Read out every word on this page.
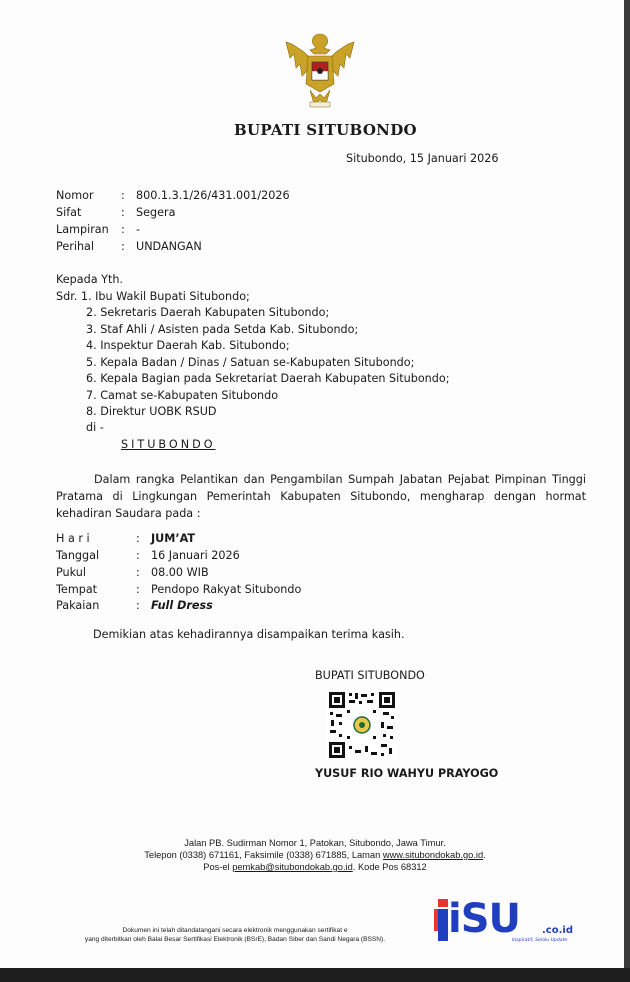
BUPATI SITUBONDO
Situbondo, 15 Januari 2026
Nomor : 800.1.3.1/26/431.001/2026
Sifat	: Segera
Lampiran : -
Perihal : UNDANGAN
Kepada Yth.
Sdr. 1. Ibu Wakil Bupati Situbondo;
2. Sekretaris Daerah Kabupaten Situbondo;
3. Staf Ahli / Asisten pada Setda Kab. Situbondo;
4. Inspektur Daerah Kab. Situbondo;
5. Kepala Badan / Dinas / Satuan se-Kabupaten Situbondo;
6. Kepala Bagian pada Sekretariat Daerah Kabupaten Situbondo;
7. Camat se-Kabupaten Situbondo
8. Direktur UOBK RSUD
di -
SITUBONDO
Dalam rangka Pelantikan dan Pengambilan Sumpah Jabatan Pejabat Pimpinan Tinggi Pratama di Lingkungan Pemerintah Kabupaten Situbondo, mengharap dengan hormat kehadiran Saudara pada :
H a r i	: JUM’AT
Tanggal	: 16 Januari 2026
Pukul	: 08.00 WIB
Tempat	: Pendopo Rakyat Situbondo
Pakaian	: Full Dress
Demikian atas kehadirannya disampaikan terima kasih.
BUPATI SITUBONDO
YUSUF RIO WAHYU PRAYOGO
Jalan PB. Sudirman Nomor 1, Patokan, Situbondo, Jawa Timur.
Telepon (0338) 671161, Faksimile (0338) 671885, Laman www.situbondokab.go.id.
Pos-el pemkab@situbondokab.go.id. Kode Pos 68312
Dokumen ini telah ditandatangani secara elektronik menggunakan sertifikat e
yang diterbitkan oleh Balai Besar Sertifikasi Elektronik (BSrE), Badan Siber dan Sandi Negara (BSSN).	iSU .co.id
Inspiratif, Selalu Update
